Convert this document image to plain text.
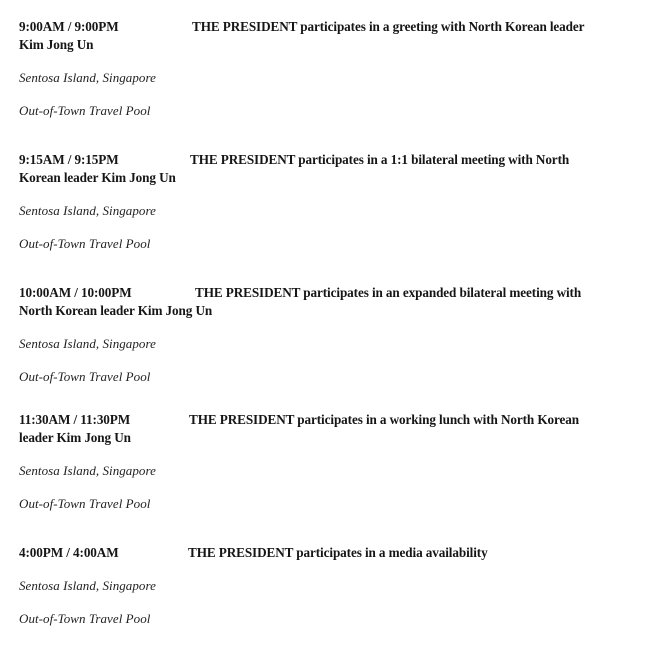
9:00AM / 9:00PM	THE PRESIDENT participates in a greeting with North Korean leader Kim Jong Un

Sentosa Island, Singapore

Out-of-Town Travel Pool

9:15AM / 9:15PM	THE PRESIDENT participates in a 1:1 bilateral meeting with North Korean leader Kim Jong Un

Sentosa Island, Singapore

Out-of-Town Travel Pool

10:00AM / 10:00PM	THE PRESIDENT participates in an expanded bilateral meeting with North Korean leader Kim Jong Un

Sentosa Island, Singapore

Out-of-Town Travel Pool

11:30AM / 11:30PM	THE PRESIDENT participates in a working lunch with North Korean leader Kim Jong Un

Sentosa Island, Singapore

Out-of-Town Travel Pool

4:00PM / 4:00AM	THE PRESIDENT participates in a media availability

Sentosa Island, Singapore

Out-of-Town Travel Pool
